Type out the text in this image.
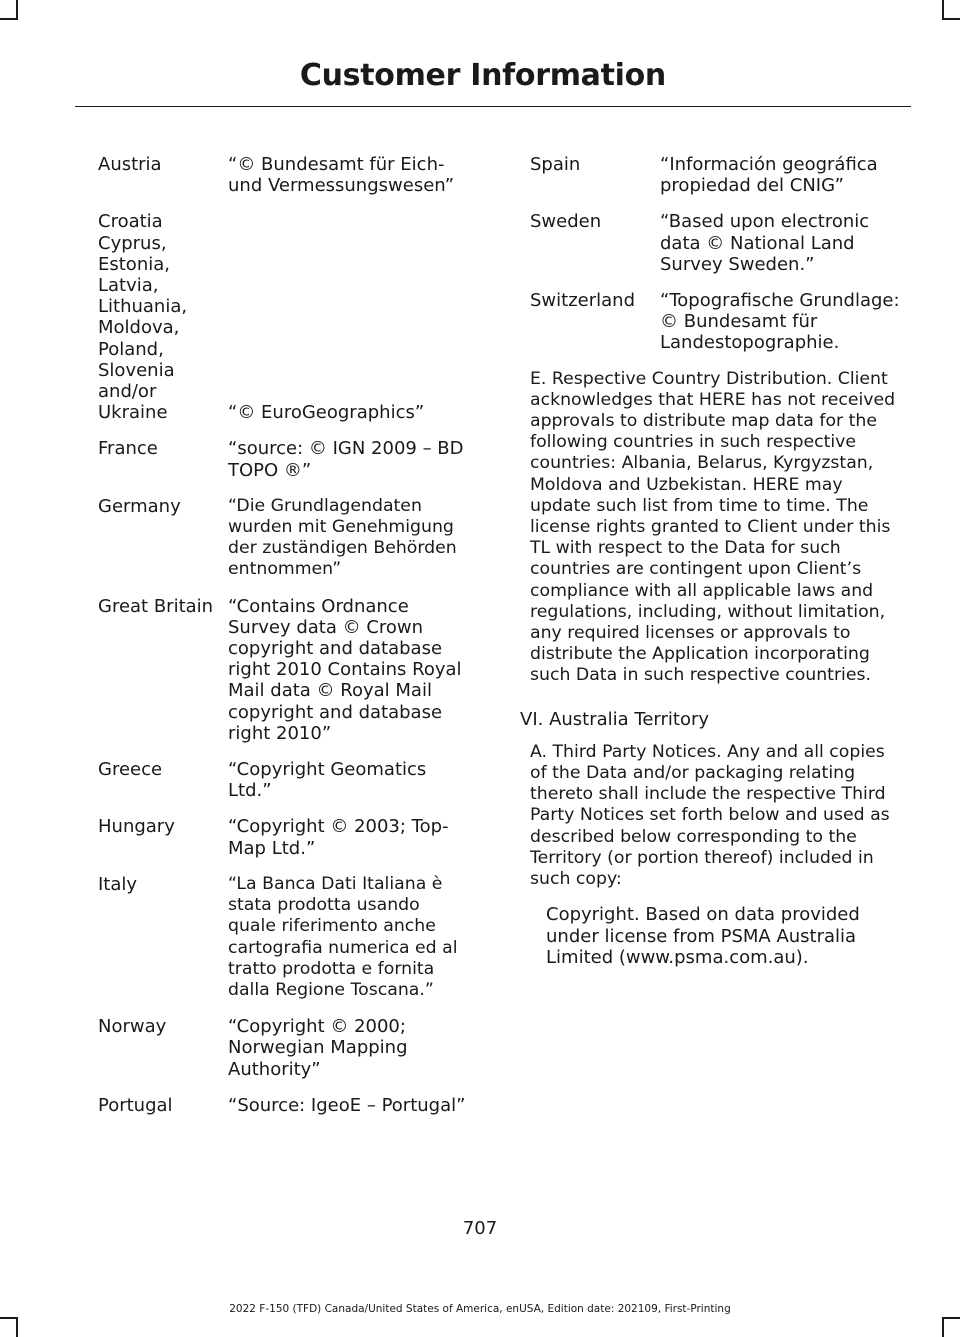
Customer Information
Austria	“© Bundesamt für Eich- und Vermessungswesen”
Croatia Cyprus, Estonia, Latvia, Lithuania, Moldova, Poland, Slovenia and/or Ukraine	“© EuroGeographics”
France	“source: © IGN 2009 – BD TOPO ®”
Germany	“Die Grundlagendaten wurden mit Genehmigung der zuständigen Behörden entnommen”
Great Britain “Contains Ordnance Survey data © Crown copyright and database right 2010 Contains Royal Mail data © Royal Mail copyright and database right 2010”
Greece	“Copyright Geomatics Ltd.”
Hungary	“Copyright © 2003; Top-Map Ltd.”
Italy	“La Banca Dati Italiana è stata prodotta usando quale riferimento anche cartografia numerica ed al tratto prodotta e fornita dalla Regione Toscana.”
Norway	“Copyright © 2000; Norwegian Mapping Authority”
Portugal	“Source: IgeoE – Portugal”
Spain	“Información geográfica propiedad del CNIG”
Sweden	“Based upon electronic data © National Land Survey Sweden.”
Switzerland	“Topografische Grundlage: © Bundesamt für Landestopographie.

E. Respective Country Distribution. Client acknowledges that HERE has not received approvals to distribute map data for the following countries in such respective countries: Albania, Belarus, Kyrgyzstan, Moldova and Uzbekistan. HERE may update such list from time to time. The license rights granted to Client under this TL with respect to the Data for such countries are contingent upon Client’s compliance with all applicable laws and regulations, including, without limitation, any required licenses or approvals to distribute the Application incorporating such Data in such respective countries.

VI. Australia Territory

A. Third Party Notices. Any and all copies of the Data and/or packaging relating thereto shall include the respective Third Party Notices set forth below and used as described below corresponding to the Territory (or portion thereof) included in such copy:

Copyright. Based on data provided under license from PSMA Australia Limited (www.psma.com.au).

707
2022 F-150 (TFD) Canada/United States of America, enUSA, Edition date: 202109, First-Printing
